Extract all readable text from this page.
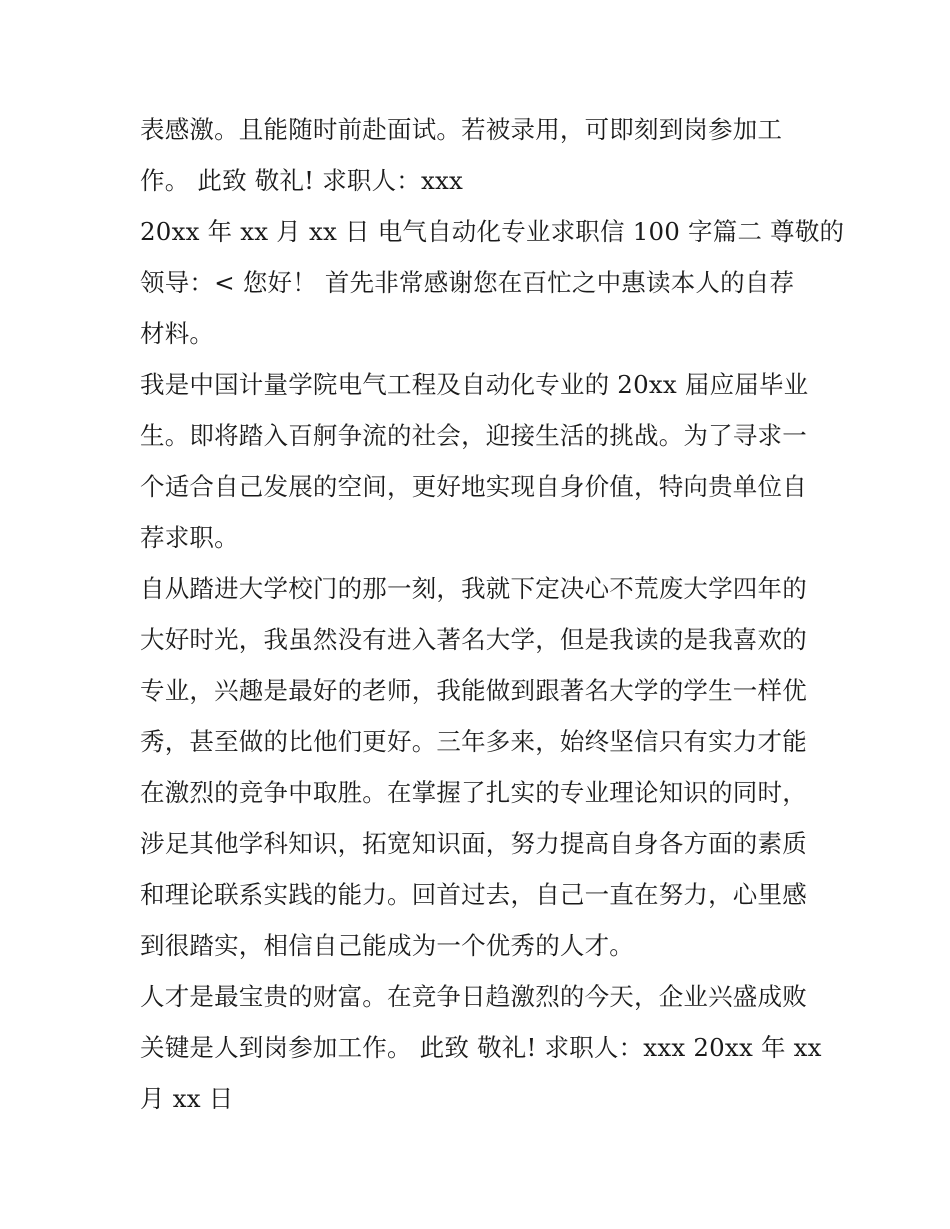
表感激。且能随时前赴面试。若被录用，可即刻到岗参加工
作。 此致 敬礼! 求职人：xxx
20xx 年 xx 月 xx 日 电气自动化专业求职信 100 字篇二 尊敬的
领导：< 您好！ 首先非常感谢您在百忙之中惠读本人的自荐
材料。
我是中国计量学院电气工程及自动化专业的 20xx 届应届毕业
生。即将踏入百舸争流的社会，迎接生活的挑战。为了寻求一
个适合自己发展的空间，更好地实现自身价值，特向贵单位自
荐求职。
自从踏进大学校门的那一刻，我就下定决心不荒废大学四年的
大好时光，我虽然没有进入著名大学，但是我读的是我喜欢的
专业，兴趣是最好的老师，我能做到跟著名大学的学生一样优
秀，甚至做的比他们更好。三年多来，始终坚信只有实力才能
在激烈的竞争中取胜。在掌握了扎实的专业理论知识的同时，
涉足其他学科知识，拓宽知识面，努力提高自身各方面的素质
和理论联系实践的能力。回首过去，自己一直在努力，心里感
到很踏实，相信自己能成为一个优秀的人才。
人才是最宝贵的财富。在竞争日趋激烈的今天，企业兴盛成败
关键是人到岗参加工作。 此致 敬礼! 求职人：xxx 20xx 年 xx
月 xx 日
